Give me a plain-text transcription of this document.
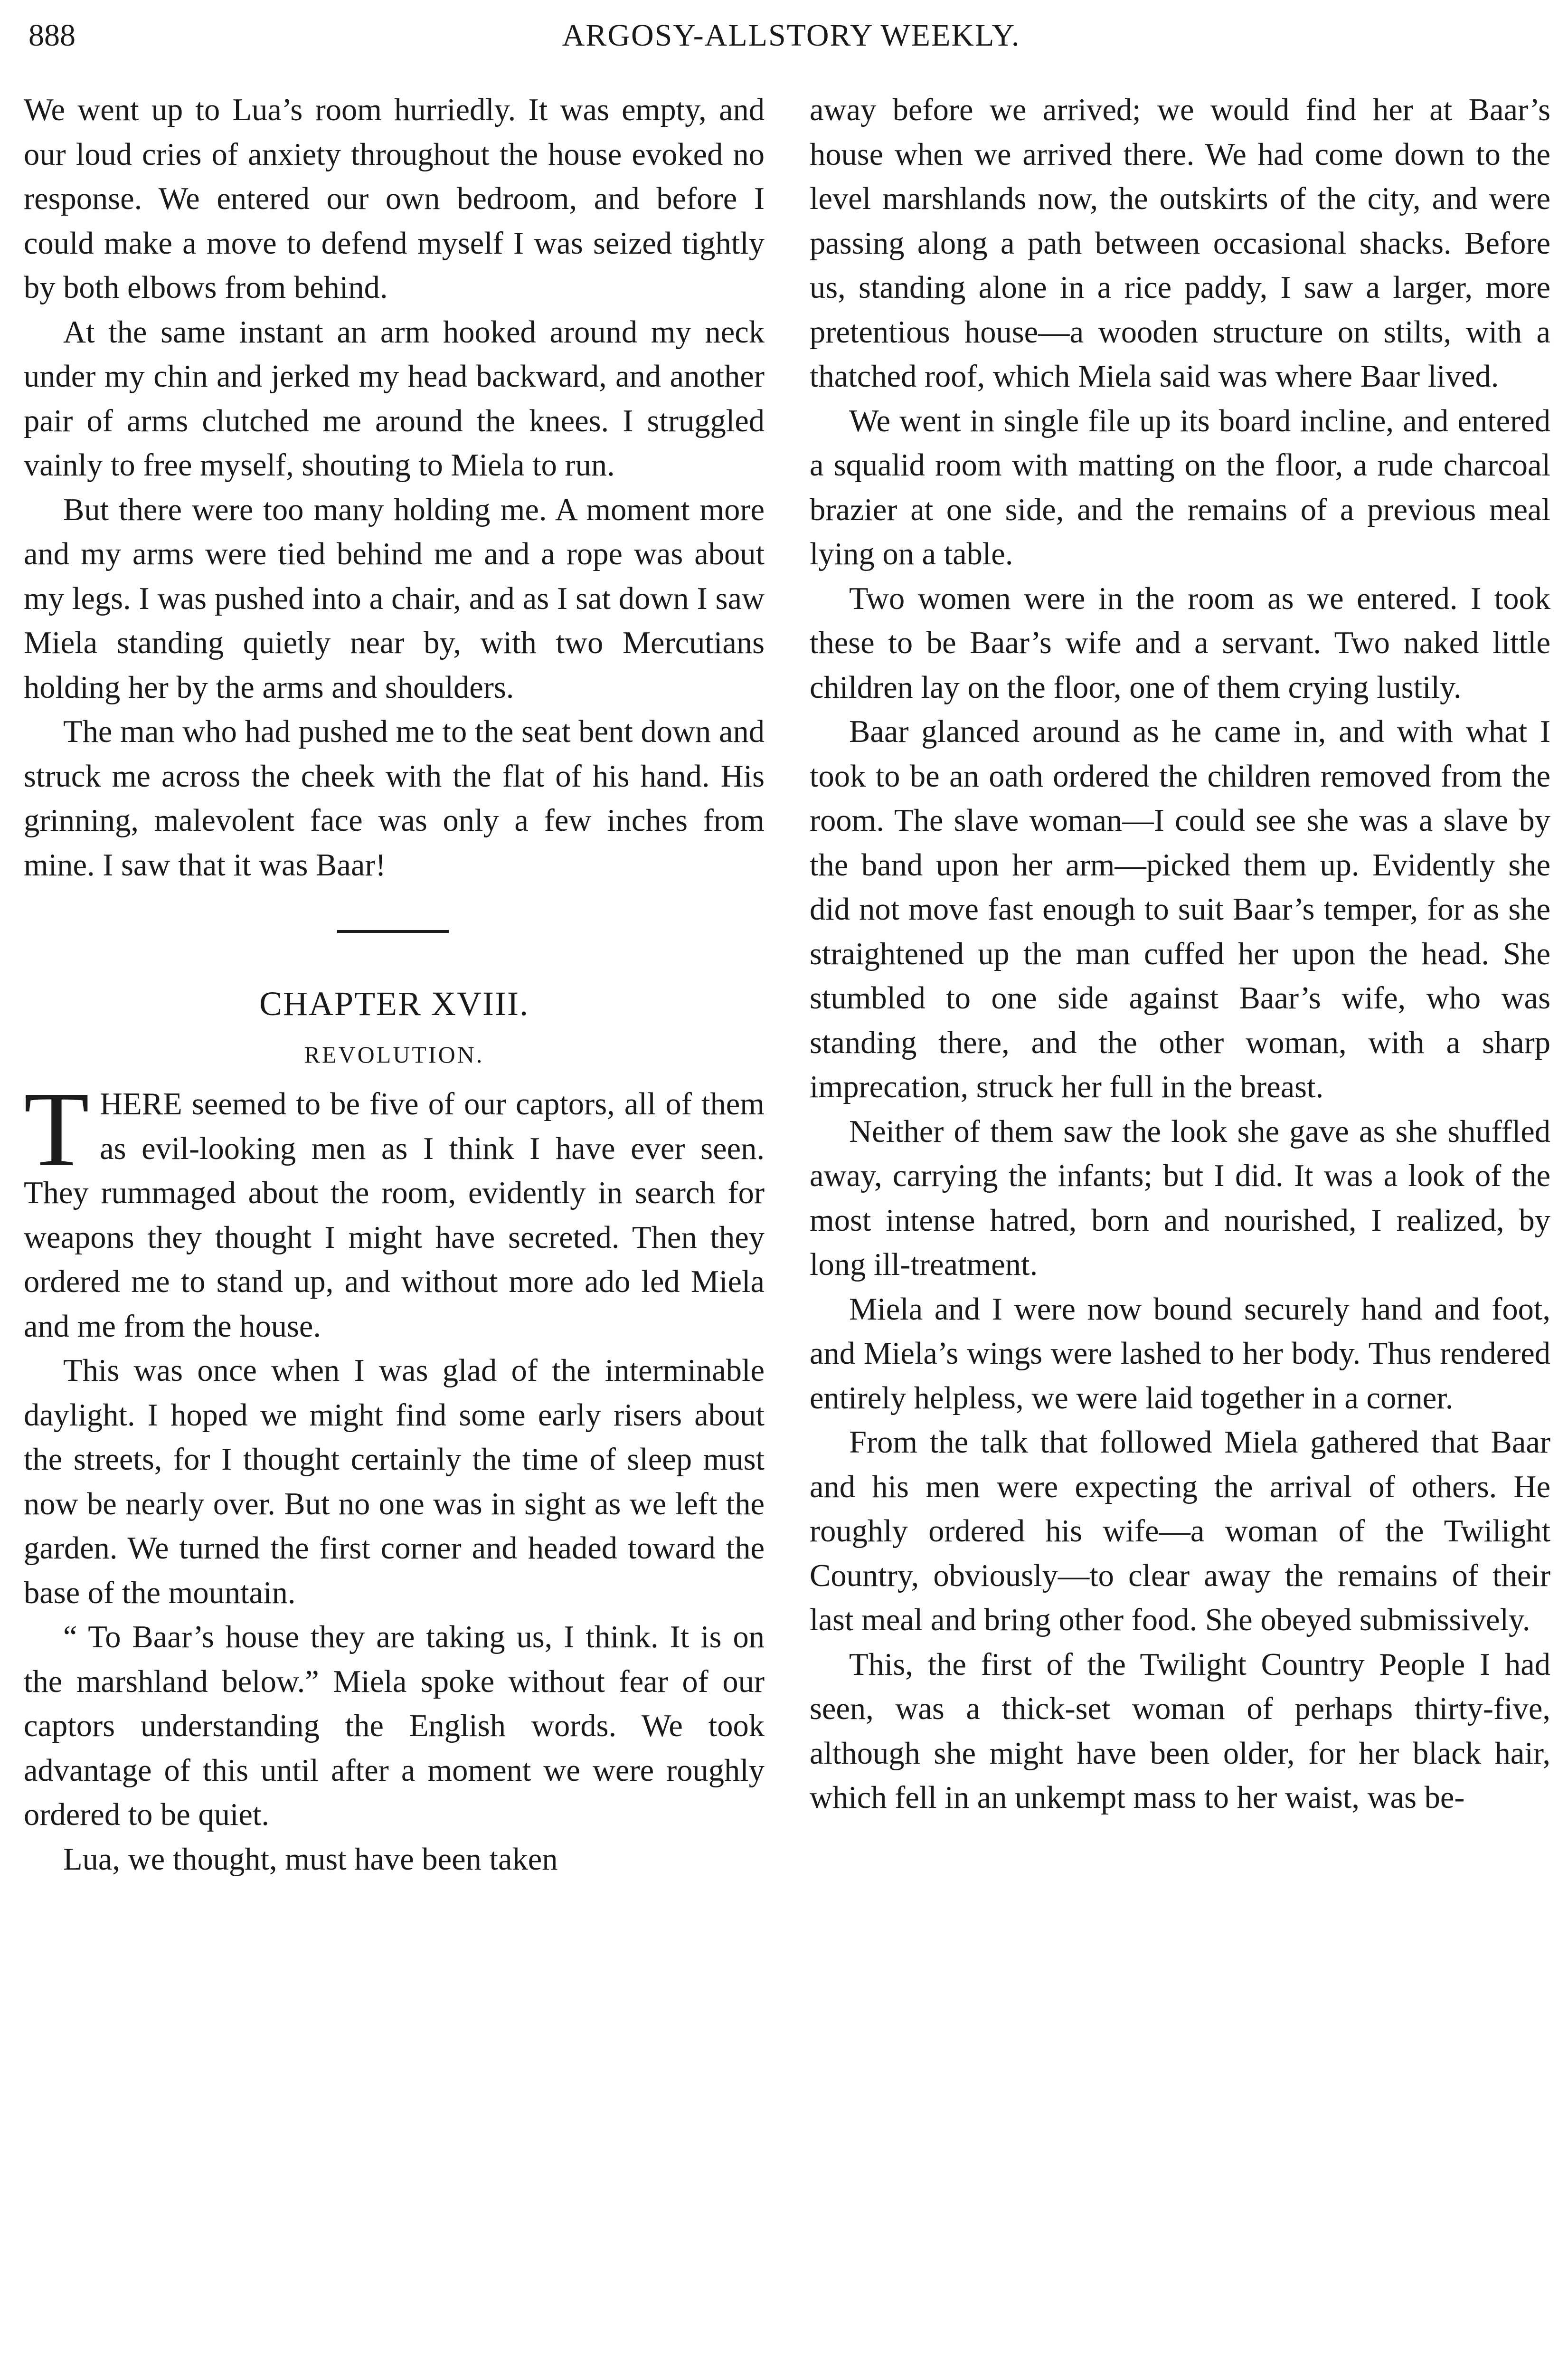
888	ARGOSY-ALLSTORY WEEKLY.

We went up to Lua’s room hurriedly. It was empty, and our loud cries of anxiety throughout the house evoked no response. We entered our own bedroom, and before I could make a move to defend myself I was seized tightly by both elbows from behind.

At the same instant an arm hooked around my neck under my chin and jerked my head backward, and another pair of arms clutched me around the knees. I struggled vainly to free myself, shouting to Miela to run.

But there were too many holding me. A moment more and my arms were tied behind me and a rope was about my legs. I was pushed into a chair, and as I sat down I saw Miela standing quietly near by, with two Mercutians holding her by the arms and shoulders.

The man who had pushed me to the seat bent down and struck me across the cheek with the flat of his hand. His grinning, malevolent face was only a few inches from mine. I saw that it was Baar!

CHAPTER XVIII.
REVOLUTION.

THERE seemed to be five of our captors, all of them as evil-looking men as I think I have ever seen. They rummaged about the room, evidently in search for weapons they thought I might have secreted. Then they ordered me to stand up, and without more ado led Miela and me from the house.

This was once when I was glad of the interminable daylight. I hoped we might find some early risers about the streets, for I thought certainly the time of sleep must now be nearly over. But no one was in sight as we left the garden. We turned the first corner and headed toward the base of the mountain.

“ To Baar’s house they are taking us, I think. It is on the marshland below.” Miela spoke without fear of our captors understanding the English words. We took advantage of this until after a moment we were roughly ordered to be quiet.

Lua, we thought, must have been taken

away before we arrived; we would find her at Baar’s house when we arrived there. We had come down to the level marshlands now, the outskirts of the city, and were passing along a path between occasional shacks. Before us, standing alone in a rice paddy, I saw a larger, more pretentious house—a wooden structure on stilts, with a thatched roof, which Miela said was where Baar lived.

We went in single file up its board incline, and entered a squalid room with matting on the floor, a rude charcoal brazier at one side, and the remains of a previous meal lying on a table.

Two women were in the room as we entered. I took these to be Baar’s wife and a servant. Two naked little children lay on the floor, one of them crying lustily.

Baar glanced around as he came in, and with what I took to be an oath ordered the children removed from the room. The slave woman—I could see she was a slave by the band upon her arm—picked them up. Evidently she did not move fast enough to suit Baar’s temper, for as she straightened up the man cuffed her upon the head. She stumbled to one side against Baar’s wife, who was standing there, and the other woman, with a sharp imprecation, struck her full in the breast.

Neither of them saw the look she gave as she shuffled away, carrying the infants; but I did. It was a look of the most intense hatred, born and nourished, I realized, by long ill-treatment.

Miela and I were now bound securely hand and foot, and Miela’s wings were lashed to her body. Thus rendered entirely helpless, we were laid together in a corner.

From the talk that followed Miela gathered that Baar and his men were expecting the arrival of others. He roughly ordered his wife—a woman of the Twilight Country, obviously—to clear away the remains of their last meal and bring other food. She obeyed submissively.

This, the first of the Twilight Country People I had seen, was a thick-set woman of perhaps thirty-five, although she might have been older, for her black hair, which fell in an unkempt mass to her waist, was be-
